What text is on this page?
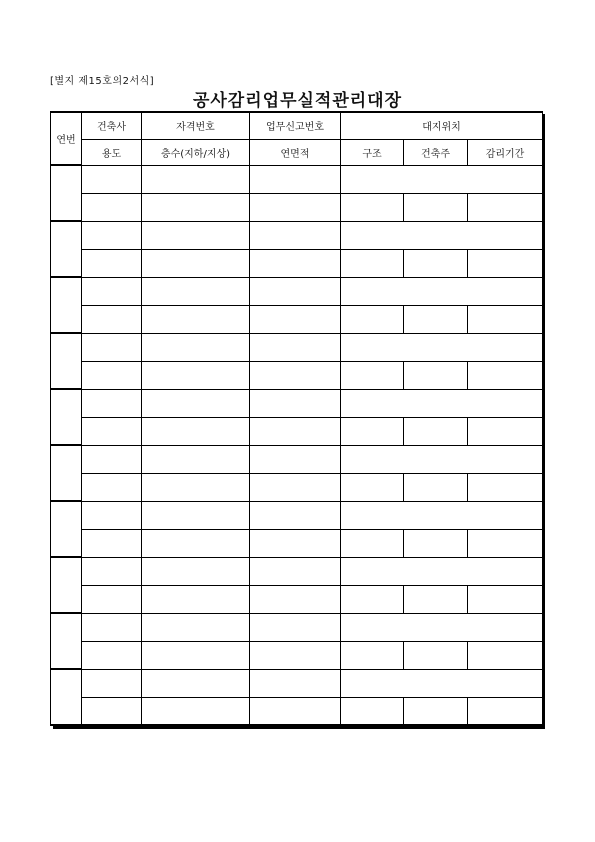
[별지 제15호의2서식]
공사감리업무실적관리대장
연번	건축사	자격번호	업무신고번호	대지위치		
	용도	층수(지하/지상)	연면적	구조	건축주	감리기간
